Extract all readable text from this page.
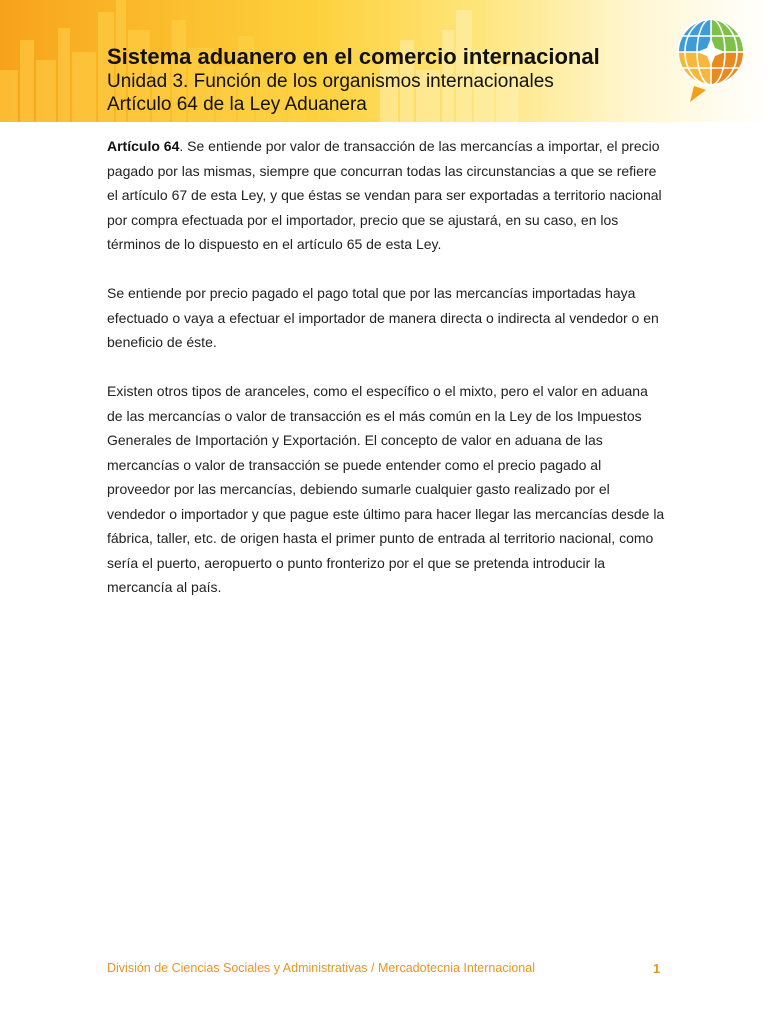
Sistema aduanero en el comercio internacional

Unidad 3. Función de los organismos internacionales

Artículo 64 de la Ley Aduanera

Artículo 64. Se entiende por valor de transacción de las mercancías a importar, el precio pagado por las mismas, siempre que concurran todas las circunstancias a que se refiere el artículo 67 de esta Ley, y que éstas se vendan para ser exportadas a territorio nacional por compra efectuada por el importador, precio que se ajustará, en su caso, en los términos de lo dispuesto en el artículo 65 de esta Ley.

Se entiende por precio pagado el pago total que por las mercancías importadas haya efectuado o vaya a efectuar el importador de manera directa o indirecta al vendedor o en beneficio de éste.

Existen otros tipos de aranceles, como el específico o el mixto, pero el valor en aduana de las mercancías o valor de transacción es el más común en la Ley de los Impuestos Generales de Importación y Exportación. El concepto de valor en aduana de las mercancías o valor de transacción se puede entender como el precio pagado al proveedor por las mercancías, debiendo sumarle cualquier gasto realizado por el vendedor o importador y que pague este último para hacer llegar las mercancías desde la fábrica, taller, etc. de origen hasta el primer punto de entrada al territorio nacional, como sería el puerto, aeropuerto o punto fronterizo por el que se pretenda introducir la mercancía al país.

División de Ciencias Sociales y Administrativas / Mercadotecnia Internacional	1
